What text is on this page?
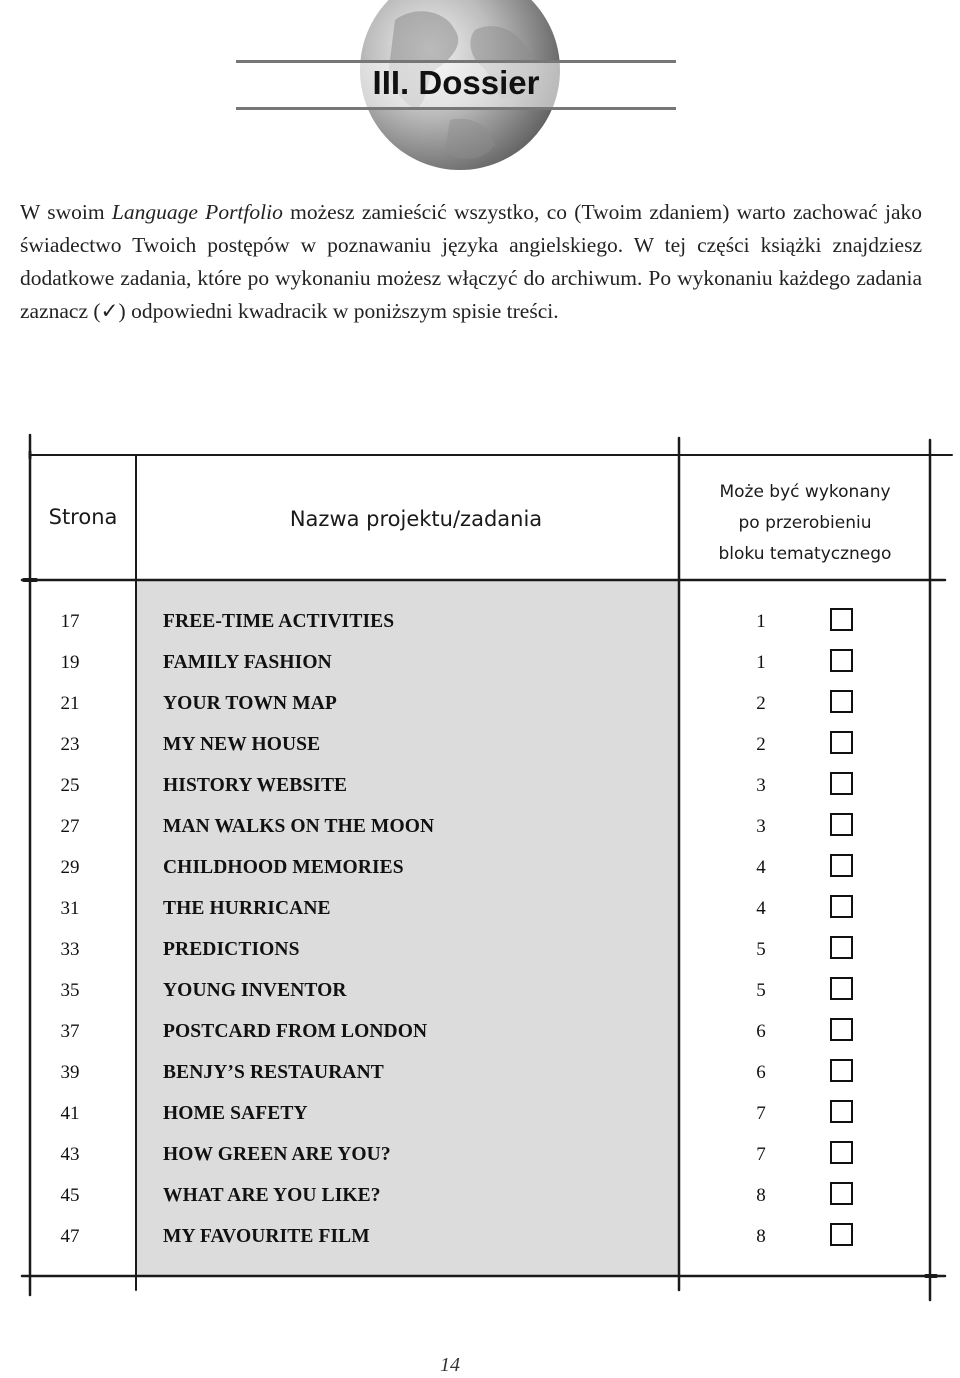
III. Dossier
W swoim Language Portfolio możesz zamieścić wszystko, co (Twoim zdaniem) warto zachować jako świadectwo Twoich postępów w poznawaniu języka angielskiego. W tej części książki znajdziesz dodatkowe zadania, które po wykonaniu możesz włączyć do archiwum. Po wykonaniu każdego zadania zaznacz (✓) odpowiedni kwadracik w poniższym spisie treści.
Strona	Nazwa projektu/zadania
Może być wykonany
po przerobieniu
bloku tematycznego
17	FREE-TIME ACTIVITIES	1
19	FAMILY FASHION	1
21	YOUR TOWN MAP	2
23	MY NEW HOUSE	2
25	HISTORY WEBSITE	3
27	MAN WALKS ON THE MOON	3
29	CHILDHOOD MEMORIES	4
31	THE HURRICANE	4
33	PREDICTIONS	5
35	YOUNG INVENTOR	5
37	POSTCARD FROM LONDON	6
39	BENJY’S RESTAURANT	6
41	HOME SAFETY	7
43	HOW GREEN ARE YOU?	7
45	WHAT ARE YOU LIKE?	8
47	MY FAVOURITE FILM	8
14
